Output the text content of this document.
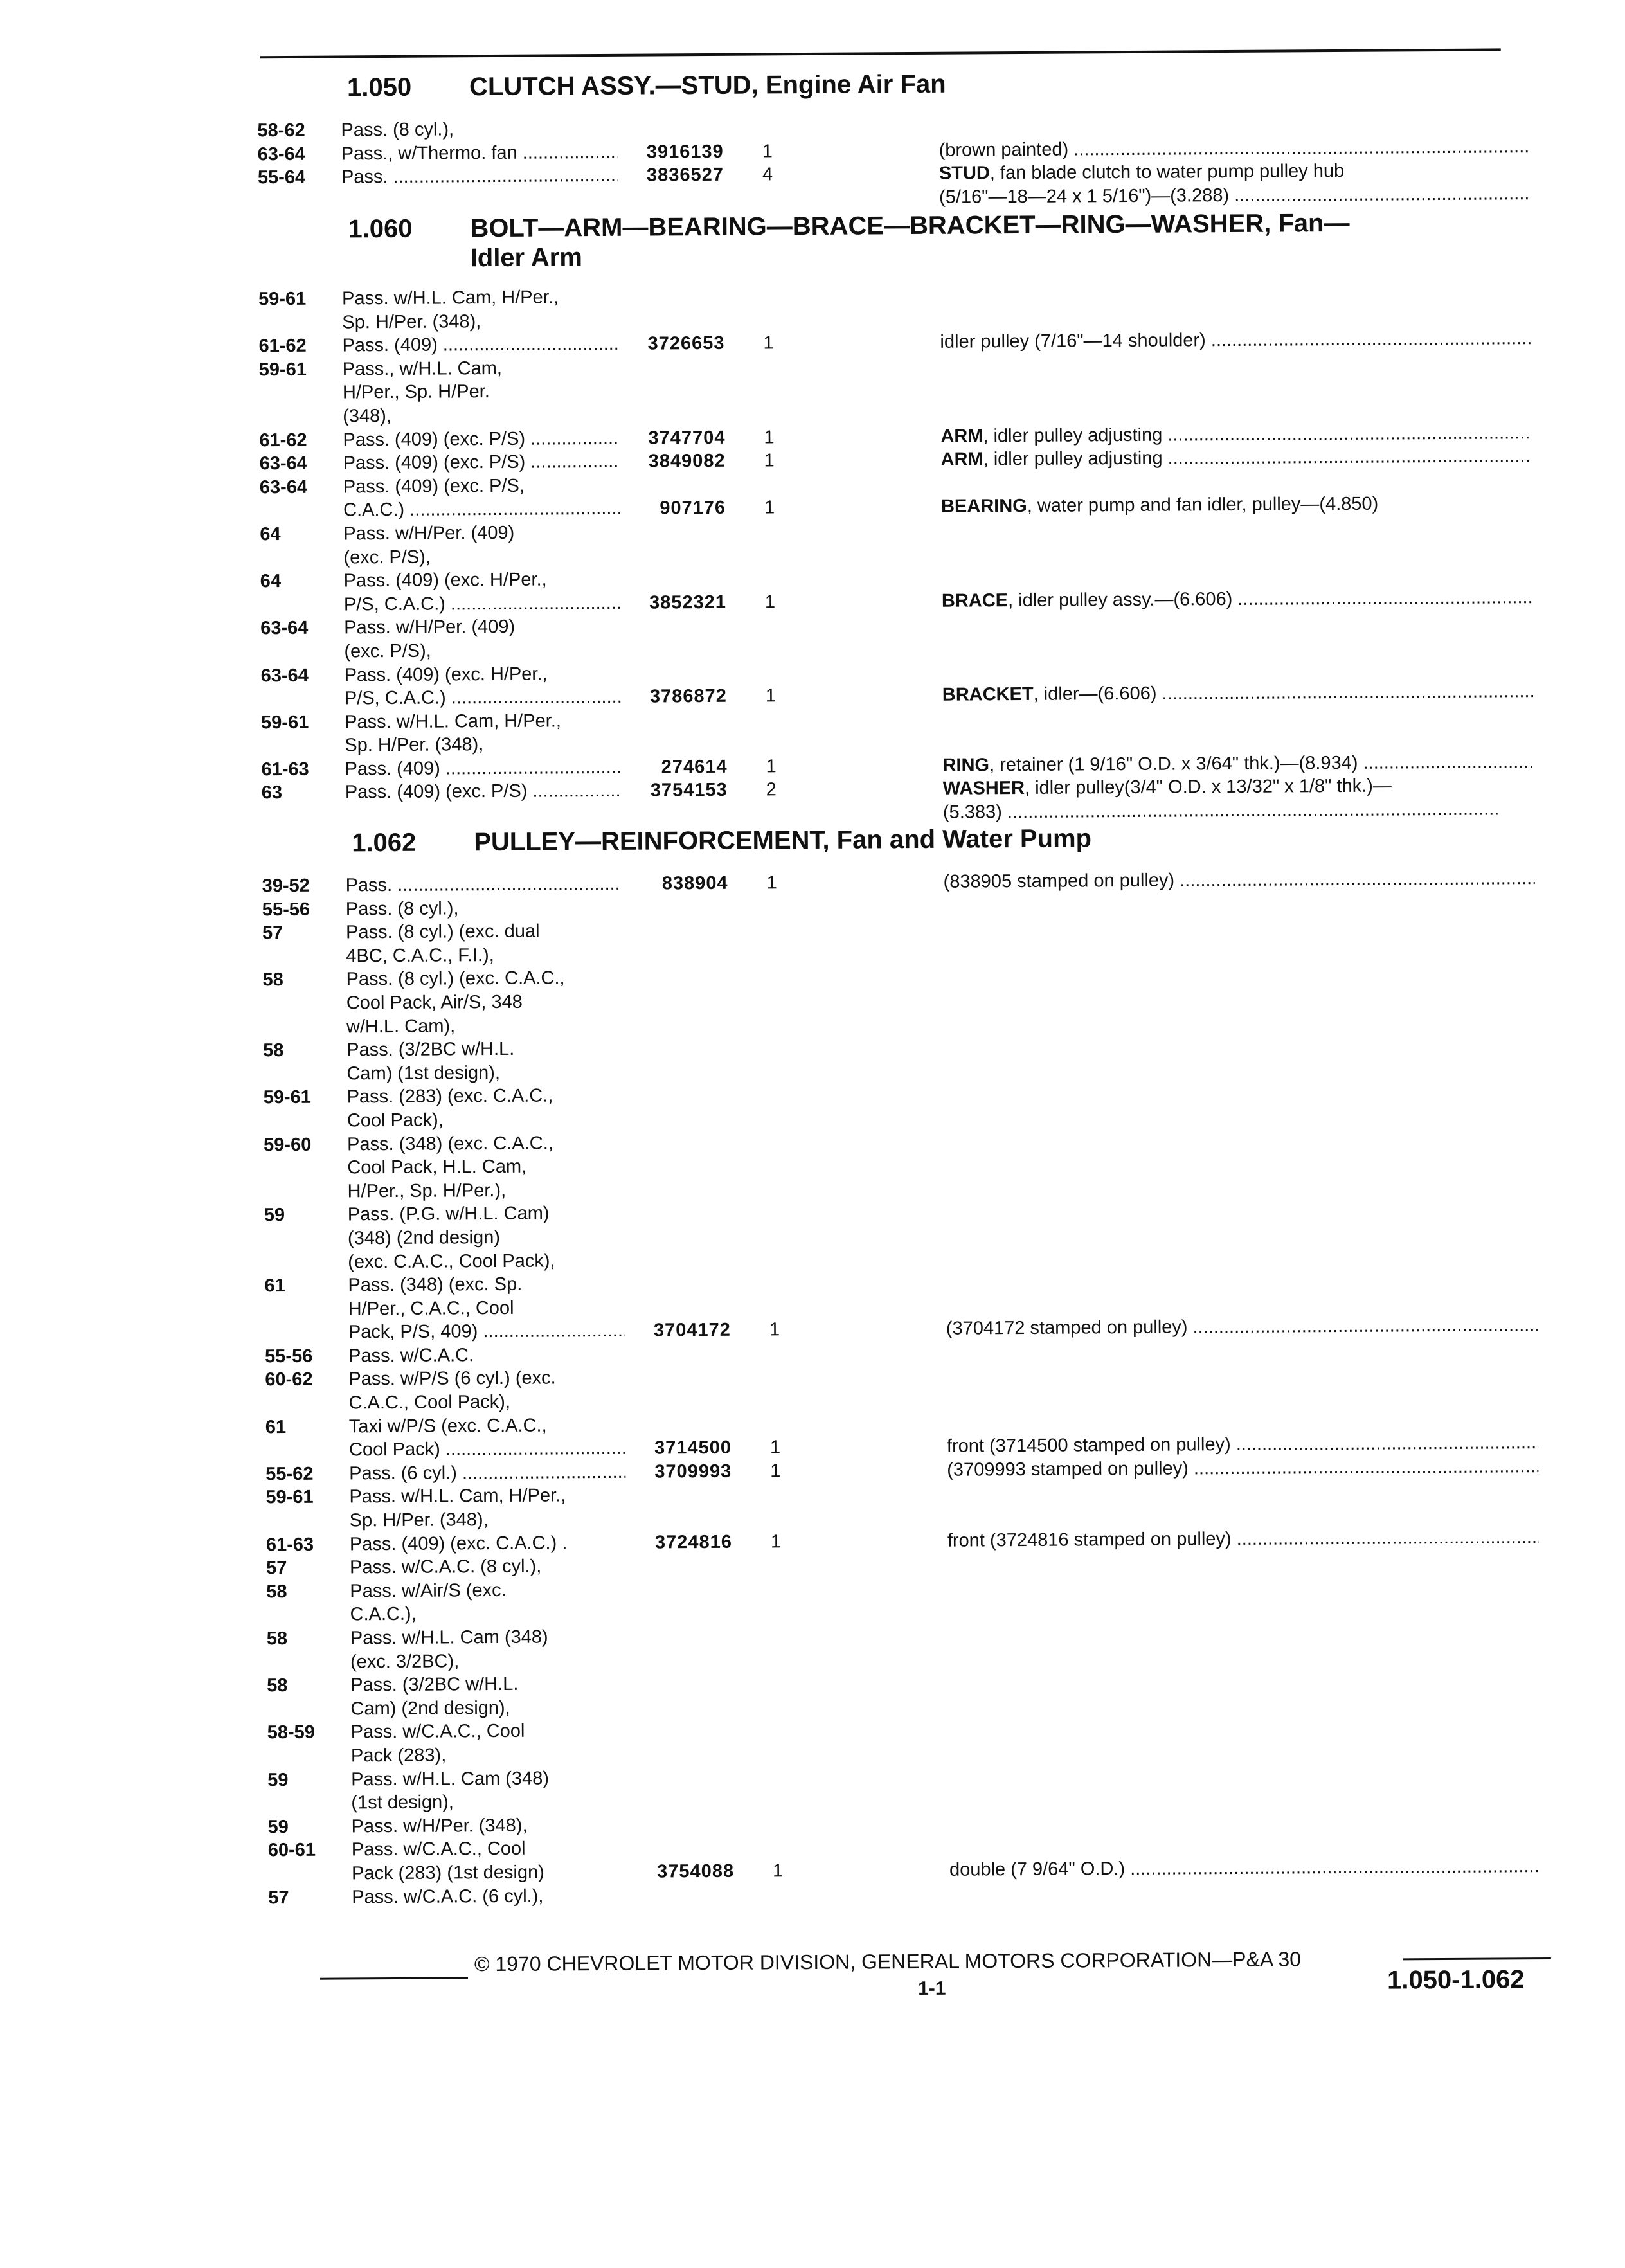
1.050 CLUTCH ASSY.—STUD, Engine Air Fan
58-62	Pass. (8 cyl.),
63-64	Pass., w/Thermo. fan .....	3916139 1	(brown painted) .....
55-64	Pass. .....	3836527 4	STUD, fan blade clutch to water pump pulley hub
(5/16"—18—24 x 1 5/16")—(3.288) .....
1.060 BOLT—ARM—BEARING—BRACE—BRACKET—RING—WASHER, Fan—
Idler Arm
59-61	Pass. w/H.L. Cam, H/Per.,
Sp. H/Per. (348),
61-62	Pass. (409) .....	3726653 1	idler pulley (7/16"—14 shoulder) .....
59-61	Pass., w/H.L. Cam,
H/Per., Sp. H/Per.
(348),
61-62	Pass. (409) (exc. P/S) .....	3747704 1	ARM, idler pulley adjusting .....
63-64	Pass. (409) (exc. P/S) .....	3849082 1	ARM, idler pulley adjusting .....
63-64	Pass. (409) (exc. P/S,
C.A.C.) .....	907176 1	BEARING, water pump and fan idler, pulley—(4.850)
64	Pass. w/H/Per. (409)
(exc. P/S),
64	Pass. (409) (exc. H/Per.,
P/S, C.A.C.) .....	3852321 1	BRACE, idler pulley assy.—(6.606) .....
63-64	Pass. w/H/Per. (409)
(exc. P/S),
63-64	Pass. (409) (exc. H/Per.,
P/S, C.A.C.) .....	3786872 1	BRACKET, idler—(6.606) .....
59-61	Pass. w/H.L. Cam, H/Per.,
Sp. H/Per. (348),
61-63	Pass. (409) .....	274614 1	RING, retainer (1 9/16" O.D. x 3/64" thk.)—(8.934) .....
63	Pass. (409) (exc. P/S) .....	3754153 2	WASHER, idler pulley(3/4" O.D. x 13/32" x 1/8" thk.)—
(5.383) .....
1.062 PULLEY—REINFORCEMENT, Fan and Water Pump
39-52	Pass. .....	838904 1	(838905 stamped on pulley) .....
55-56	Pass. (8 cyl.),
57	Pass. (8 cyl.) (exc. dual
4BC, C.A.C., F.I.),
58	Pass. (8 cyl.) (exc. C.A.C.,
Cool Pack, Air/S, 348
w/H.L. Cam),
58	Pass. (3/2BC w/H.L.
Cam) (1st design),
59-61	Pass. (283) (exc. C.A.C.,
Cool Pack),
59-60	Pass. (348) (exc. C.A.C.,
Cool Pack, H.L. Cam,
H/Per., Sp. H/Per.),
59	Pass. (P.G. w/H.L. Cam)
(348) (2nd design)
(exc. C.A.C., Cool Pack),
61	Pass. (348) (exc. Sp.
H/Per., C.A.C., Cool
Pack, P/S, 409) .....	3704172 1	(3704172 stamped on pulley) .....
55-56	Pass. w/C.A.C.
60-62	Pass. w/P/S (6 cyl.) (exc.
C.A.C., Cool Pack),
61	Taxi w/P/S (exc. C.A.C.,
Cool Pack) .....	3714500 1	front (3714500 stamped on pulley) .....
55-62	Pass. (6 cyl.) .....	3709993 1	(3709993 stamped on pulley) .....
59-61	Pass. w/H.L. Cam, H/Per.,
Sp. H/Per. (348),
61-63	Pass. (409) (exc. C.A.C.) .	3724816 1	front (3724816 stamped on pulley) .....
57	Pass. w/C.A.C. (8 cyl.),
58	Pass. w/Air/S (exc.
C.A.C.),
58	Pass. w/H.L. Cam (348)
(exc. 3/2BC),
58	Pass. (3/2BC w/H.L.
Cam) (2nd design),
58-59	Pass. w/C.A.C., Cool
Pack (283),
59	Pass. w/H.L. Cam (348)
(1st design),
59	Pass. w/H/Per. (348),
60-61	Pass. w/C.A.C., Cool
Pack (283) (1st design)	3754088 1	double (7 9/64" O.D.) .....
57	Pass. w/C.A.C. (6 cyl.),
© 1970 CHEVROLET MOTOR DIVISION, GENERAL MOTORS CORPORATION—P&A 30
1-1	1.050-1.062
